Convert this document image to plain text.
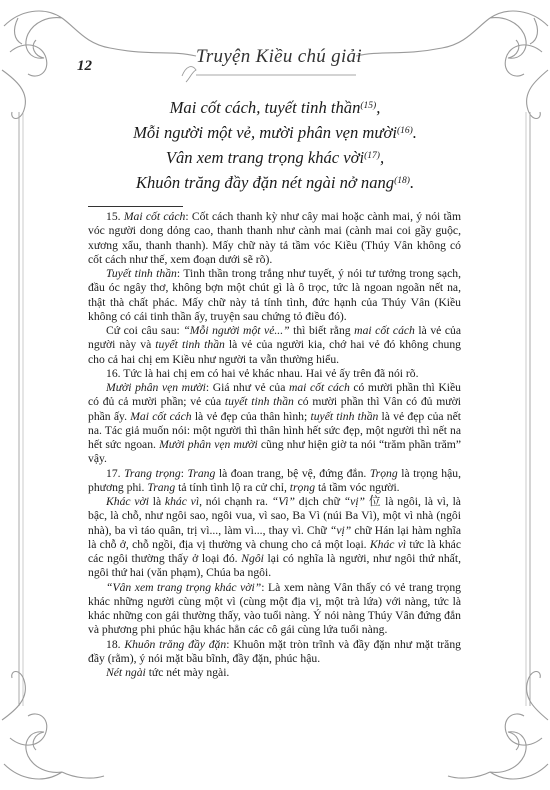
12	Truyện Kiều chú giải
Mai cốt cách, tuyết tinh thần$^{(15)}$,
Mỗi người một vẻ, mười phân vẹn mười$^{(16)}$.
Vân xem trang trọng khác vời$^{(17)}$,
Khuôn trăng đầy đặn nét ngài nở nang$^{(18)}$.

15. Mai cốt cách: Cốt cách thanh kỳ như cây mai hoặc cành mai, ý nói tầm vóc người dong dỏng cao, thanh thanh như cành mai (cành mai coi gầy guộc, xương xẩu, thanh thanh). Mấy chữ này tả tầm vóc Kiều (Thúy Vân không có cốt cách như thế, xem đoạn dưới sẽ rõ).

Tuyết tinh thần: Tinh thần trong trắng như tuyết, ý nói tư tưởng trong sạch, đầu óc ngây thơ, không bợn một chút gì là ô trọc, tức là ngoan ngoãn nết na, thật thà chất phác. Mấy chữ này tả tính tình, đức hạnh của Thúy Vân (Kiều không có cái tinh thần ấy, truyện sau chứng tỏ điều đó).

Cứ coi câu sau: “Mỗi người một vẻ...” thì biết rằng mai cốt cách là vẻ của người này và tuyết tinh thần là vẻ của người kia, chớ hai vẻ đó không chung cho cả hai chị em Kiều như người ta vẫn thường hiểu.

16. Tức là hai chị em có hai vẻ khác nhau. Hai vẻ ấy trên đã nói rõ.

Mười phân vẹn mười: Giá như vẻ của mai cốt cách có mười phần thì Kiều có đủ cả mười phần; vẻ của tuyết tinh thần có mười phần thì Vân có đủ mười phần ấy. Mai cốt cách là vẻ đẹp của thân hình; tuyết tinh thần là vẻ đẹp của nết na. Tác giả muốn nói: một người thì thân hình hết sức đẹp, một người thì nết na hết sức ngoan. Mười phân vẹn mười cũng như hiện giờ ta nói “trăm phần trăm” vậy.

17. Trang trọng: Trang là đoan trang, bệ vệ, đứng đắn. Trọng là trọng hậu, phương phi. Trang tả tính tình lộ ra cử chỉ, trọng tả tầm vóc người.

Khác vời là khác vì, nói chạnh ra. “Vì” dịch chữ “vị” 位 là ngôi, là vì, là bậc, là chỗ, như ngôi sao, ngôi vua, vì sao, Ba Vì (núi Ba Vì), một vì nhà (ngôi nhà), ba vì táo quân, trị vì..., làm vì..., thay vì. Chữ “vị” chữ Hán lại hàm nghĩa là chỗ ở, chỗ ngồi, địa vị thường và chung cho cả một loại. Khác vì tức là khác các ngôi thường thấy ở loại đó. Ngôi lại có nghĩa là người, như ngôi thứ nhất, ngôi thứ hai (văn phạm), Chúa ba ngôi.

“Vân xem trang trọng khác vời”: Là xem nàng Vân thấy có vẻ trang trọng khác những người cùng một vì (cùng một địa vị, một trà lứa) với nàng, tức là khác những con gái thường thấy, vào tuổi nàng. Ý nói nàng Thúy Vân đứng đắn và phương phi phúc hậu khác hẳn các cô gái cùng lứa tuổi nàng.

18. Khuôn trăng đầy đặn: Khuôn mặt tròn trĩnh và đầy đặn như mặt trăng đầy (rằm), ý nói mặt bầu bĩnh, đầy đặn, phúc hậu.

Nét ngài tức nét mày ngài.
